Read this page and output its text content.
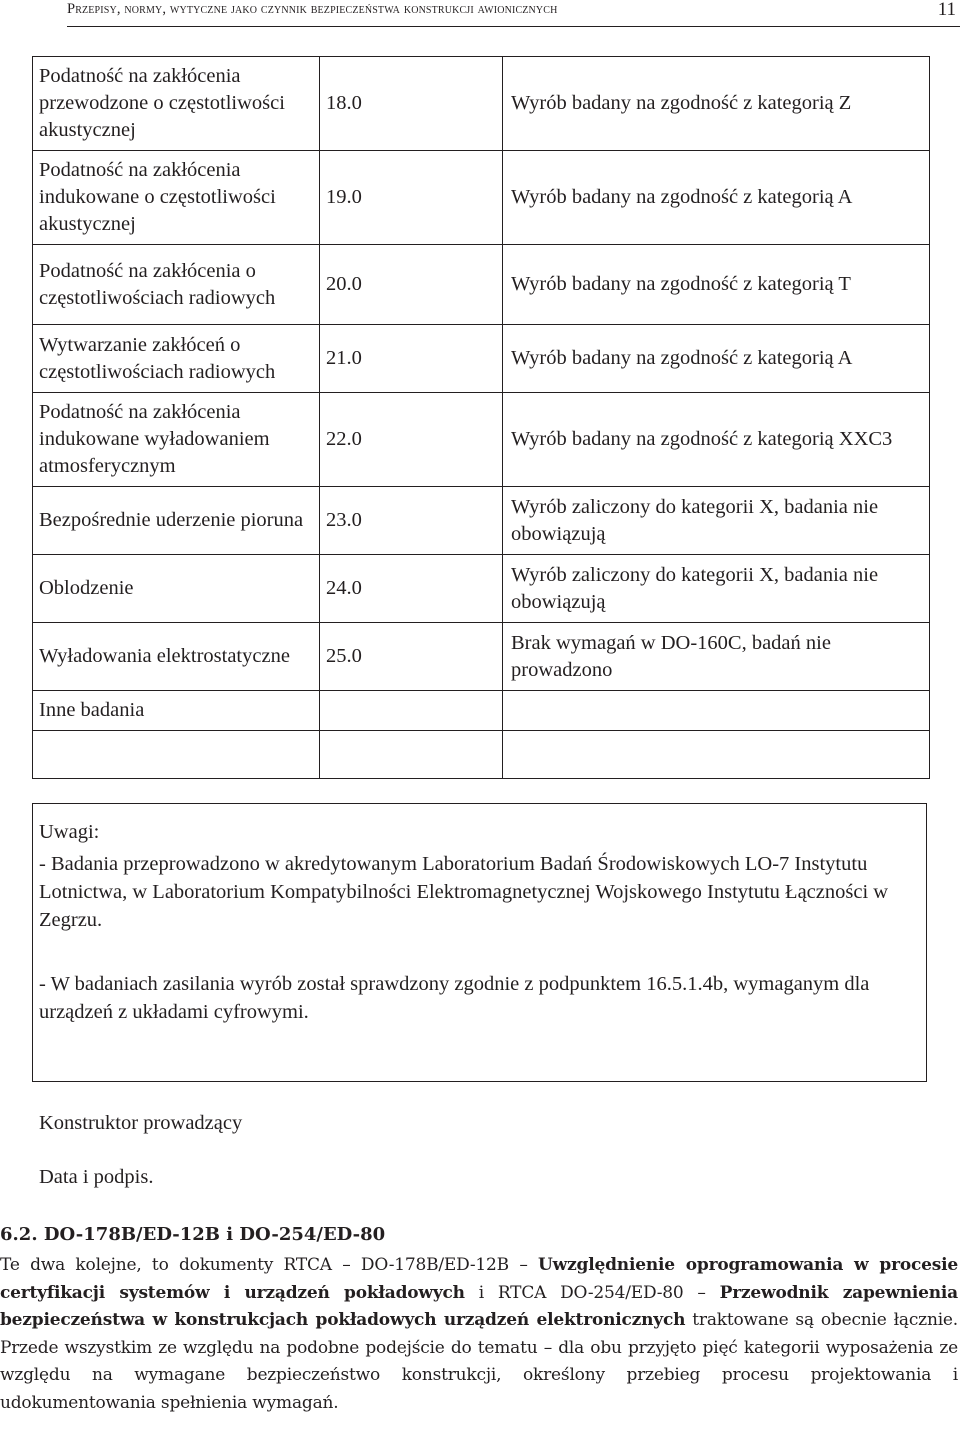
Przepisy, normy, wytyczne jako czynnik bezpieczeństwa konstrukcji awionicznych	11
Podatność na zakłócenia przewodzone o częstotliwości akustycznej	18.0	Wyrób badany na zgodność z kategorią Z
Podatność na zakłócenia indukowane o częstotliwości akustycznej	19.0	Wyrób badany na zgodność z kategorią A
Podatność na zakłócenia o częstotliwościach radiowych	20.0	Wyrób badany na zgodność z kategorią T
Wytwarzanie zakłóceń o częstotliwościach radiowych	21.0	Wyrób badany na zgodność z kategorią A
Podatność na zakłócenia indukowane wyładowaniem atmosferycznym	22.0	Wyrób badany na zgodność z kategorią XXC3
Bezpośrednie uderzenie pioruna	23.0	Wyrób zaliczony do kategorii X, badania nie obowiązują
Oblodzenie	24.0	Wyrób zaliczony do kategorii X, badania nie obowiązują
Wyładowania elektrostatyczne	25.0	Brak wymagań w DO-160C, badań nie prowadzono
Inne badania		

Uwagi:
- Badania przeprowadzono w akredytowanym Laboratorium Badań Środowiskowych LO-7 Instytutu Lotnictwa, w Laboratorium Kompatybilności Elektromagnetycznej Wojskowego Instytutu Łączności w Zegrzu.
- W badaniach zasilania wyrób został sprawdzony zgodnie z podpunktem 16.5.1.4b, wymaganym dla urządzeń z układami cyfrowymi.
Konstruktor prowadzący
Data i podpis.
6.2. DO-178B/ED-12B i DO-254/ED-80
Te dwa kolejne, to dokumenty RTCA – DO-178B/ED-12B – Uwzględnienie oprogramowania w procesie certyfikacji systemów i urządzeń pokładowych i RTCA DO-254/ED-80 – Przewodnik zapewnienia bezpieczeństwa w konstrukcjach pokładowych urządzeń elektronicznych traktowane są obecnie łącznie. Przede wszystkim ze względu na podobne podejście do tematu – dla obu przyjęto pięć kategorii wyposażenia ze względu na wymagane bezpieczeństwo konstrukcji, określony przebieg procesu projektowania i udokumentowania spełnienia wymagań.
